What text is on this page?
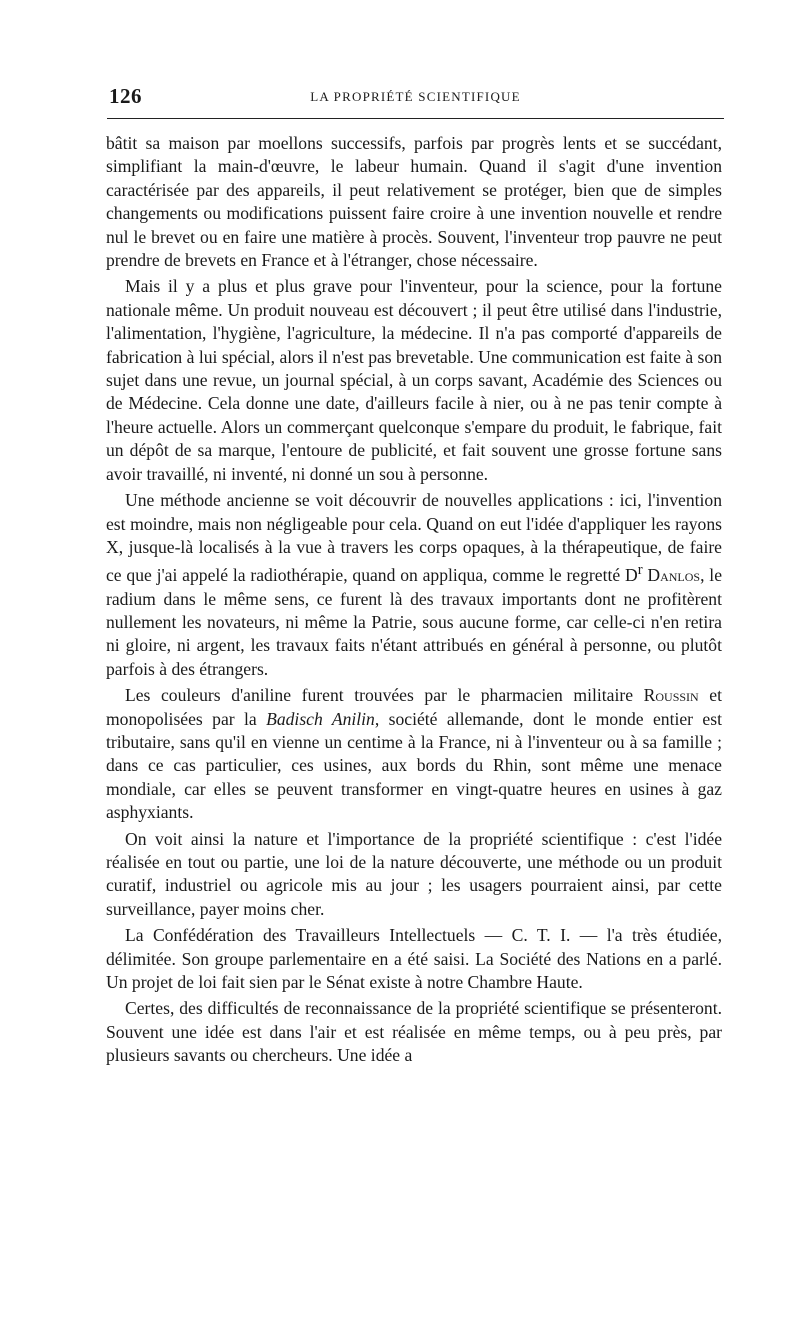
126	LA PROPRIÉTÉ SCIENTIFIQUE

bâtit sa maison par moellons successifs, parfois par progrès lents et se succédant, simplifiant la main-d'œuvre, le labeur humain. Quand il s'agit d'une invention caractérisée par des appareils, il peut relativement se protéger, bien que de simples changements ou modifications puissent faire croire à une invention nouvelle et rendre nul le brevet ou en faire une matière à procès. Souvent, l'inventeur trop pauvre ne peut prendre de brevets en France et à l'étranger, chose nécessaire.

Mais il y a plus et plus grave pour l'inventeur, pour la science, pour la fortune nationale même. Un produit nouveau est découvert ; il peut être utilisé dans l'industrie, l'alimentation, l'hygiène, l'agriculture, la médecine. Il n'a pas comporté d'appareils de fabrication à lui spécial, alors il n'est pas brevetable. Une communication est faite à son sujet dans une revue, un journal spécial, à un corps savant, Académie des Sciences ou de Médecine. Cela donne une date, d'ailleurs facile à nier, ou à ne pas tenir compte à l'heure actuelle. Alors un commerçant quelconque s'empare du produit, le fabrique, fait un dépôt de sa marque, l'entoure de publicité, et fait souvent une grosse fortune sans avoir travaillé, ni inventé, ni donné un sou à personne.

Une méthode ancienne se voit découvrir de nouvelles applications : ici, l'invention est moindre, mais non négligeable pour cela. Quand on eut l'idée d'appliquer les rayons X, jusque-là localisés à la vue à travers les corps opaques, à la thérapeutique, de faire ce que j'ai appelé la radiothérapie, quand on appliqua, comme le regretté $D^r$ Danlos, le radium dans le même sens, ce furent là des travaux importants dont ne profitèrent nullement les novateurs, ni même la Patrie, sous aucune forme, car celle-ci n'en retira ni gloire, ni argent, les travaux faits n'étant attribués en général à personne, ou plutôt parfois à des étrangers.

Les couleurs d'aniline furent trouvées par le pharmacien militaire Roussin et monopolisées par la Badisch Anilin, société allemande, dont le monde entier est tributaire, sans qu'il en vienne un centime à la France, ni à l'inventeur ou à sa famille ; dans ce cas particulier, ces usines, aux bords du Rhin, sont même une menace mondiale, car elles se peuvent transformer en vingt-quatre heures en usines à gaz asphyxiants.

On voit ainsi la nature et l'importance de la propriété scientifique : c'est l'idée réalisée en tout ou partie, une loi de la nature découverte, une méthode ou un produit curatif, industriel ou agricole mis au jour ; les usagers pourraient ainsi, par cette surveillance, payer moins cher.

La Confédération des Travailleurs Intellectuels — C. T. I. — l'a très étudiée, délimitée. Son groupe parlementaire en a été saisi. La Société des Nations en a parlé. Un projet de loi fait sien par le Sénat existe à notre Chambre Haute.

Certes, des difficultés de reconnaissance de la propriété scientifique se présenteront. Souvent une idée est dans l'air et est réalisée en même temps, ou à peu près, par plusieurs savants ou chercheurs. Une idée a
